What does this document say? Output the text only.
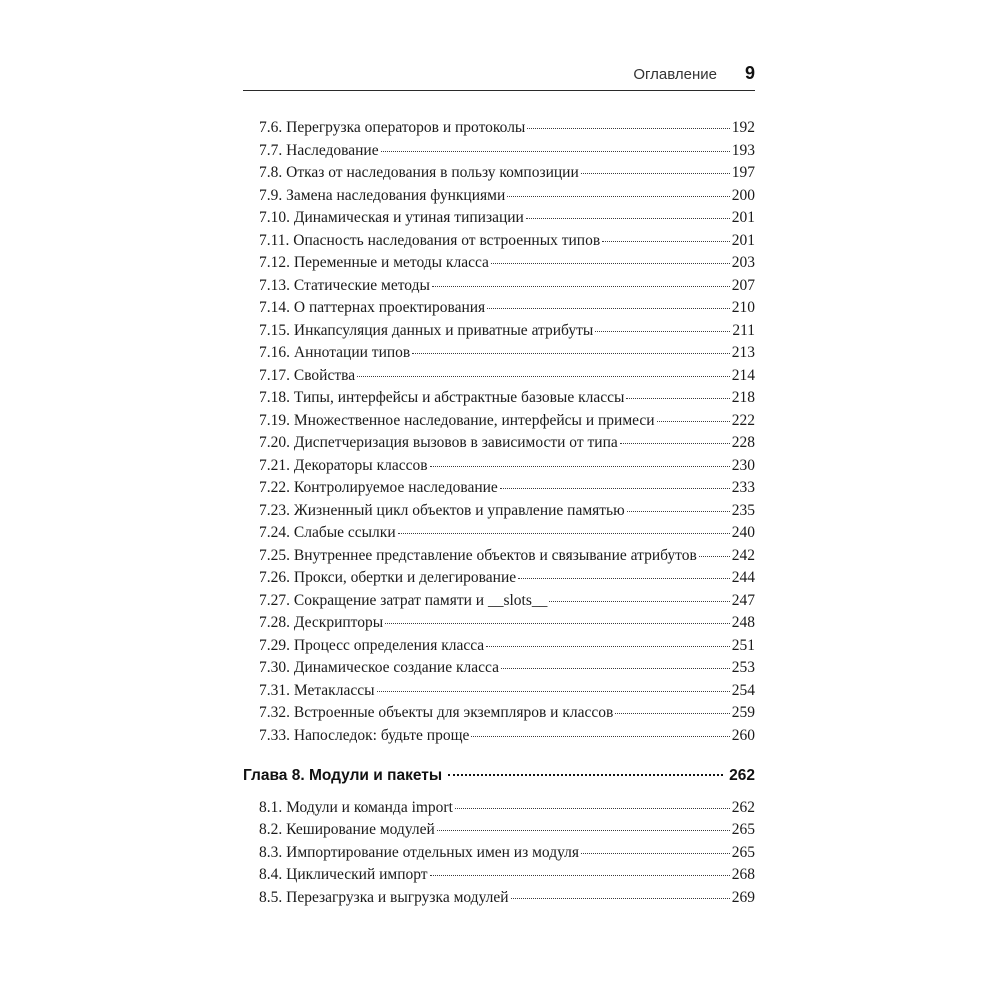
Оглавление 9
7.6. Перегрузка операторов и протоколы	192
7.7. Наследование	193
7.8. Отказ от наследования в пользу композиции	197
7.9. Замена наследования функциями	200
7.10. Динамическая и утиная типизации	201
7.11. Опасность наследования от встроенных типов	201
7.12. Переменные и методы класса	203
7.13. Статические методы	207
7.14. О паттернах проектирования	210
7.15. Инкапсуляция данных и приватные атрибуты	211
7.16. Аннотации типов	213
7.17. Свойства	214
7.18. Типы, интерфейсы и абстрактные базовые классы	218
7.19. Множественное наследование, интерфейсы и примеси	222
7.20. Диспетчеризация вызовов в зависимости от типа	228
7.21. Декораторы классов	230
7.22. Контролируемое наследование	233
7.23. Жизненный цикл объектов и управление памятью	235
7.24. Слабые ссылки	240
7.25. Внутреннее представление объектов и связывание атрибутов 242
7.26. Прокси, обертки и делегирование	244
7.27. Сокращение затрат памяти и __slots__	247
7.28. Дескрипторы	248
7.29. Процесс определения класса	251
7.30. Динамическое создание класса	253
7.31. Метаклассы	254
7.32. Встроенные объекты для экземпляров и классов	259
7.33. Напоследок: будьте проще	260
Глава 8. Модули и пакеты	262
8.1. Модули и команда import	262
8.2. Кеширование модулей	265
8.3. Импортирование отдельных имен из модуля	265
8.4. Циклический импорт	268
8.5. Перезагрузка и выгрузка модулей	269
